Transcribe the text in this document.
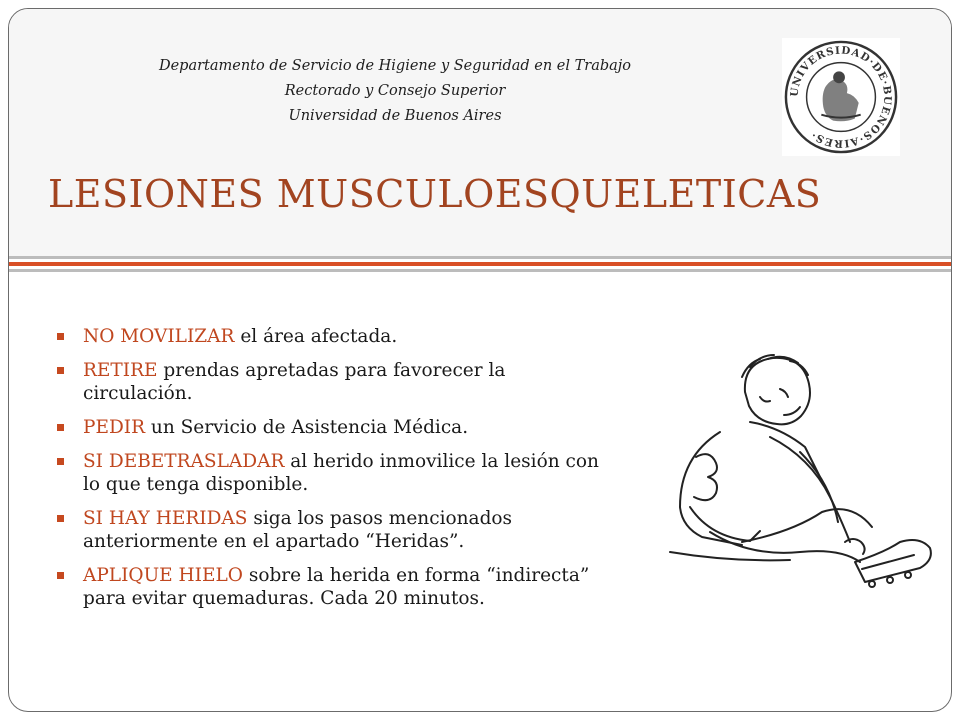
Departamento de Servicio de Higiene y Seguridad en el Trabajo
Rectorado y Consejo Superior
Universidad de Buenos Aires
LESIONES MUSCULOESQUELETICAS
UNIVERSIDAD·DE·BUENOS·AIRES·
NO MOVILIZAR el área afectada.
RETIRE prendas apretadas para favorecer la circulación.
PEDIR un Servicio de Asistencia Médica.
SI DEBETRASLADAR al herido inmovilice la lesión con lo que tenga disponible.
SI HAY HERIDAS siga los pasos mencionados anteriormente en el apartado “Heridas”.
APLIQUE HIELO sobre la herida en forma “indirecta” para evitar quemaduras. Cada 20 minutos.
